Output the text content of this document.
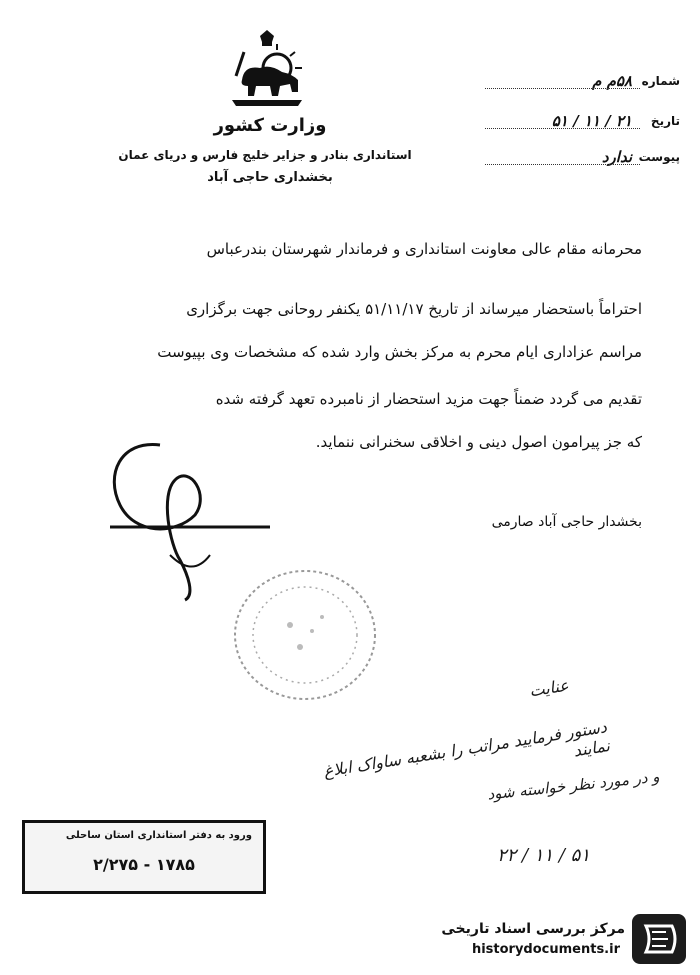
وزارت کشور
استانداری بنادر و جزایر خلیج فارس و دریای عمان
بخشداری حاجی آباد
شماره
۵۸م م
تاریخ
۲۱ / ۱۱ / ۵۱
پیوست
ندارد
محرمانه مقام عالی معاونت استانداری و فرماندار شهرستان بندرعباس
احتراماً باستحضار میرساند از تاریخ ۵۱/۱۱/۱۷ یکنفر روحانی جهت برگزاری
مراسم عزاداری ایام محرم به مرکز بخش وارد شده که مشخصات وی بپیوست
تقدیم می گردد ضمناً جهت مزید استحضار از نامبرده تعهد گرفته شده
که جز پیرامون اصول دینی و اخلاقی سخنرانی ننماید.
بخشدار حاجی آباد صارمی
عنایت
دستور فرمایید مراتب را بشعبه ساواک ابلاغ نمایند
و در مورد نظر خواسته شود
۲۲ / ۱۱ / ۵۱
ورود به دفتر استانداری استان ساحلی
۲/۲۷۵ - ۱۷۸۵
مرکز بررسی اسناد تاریخی
historydocuments.ir
